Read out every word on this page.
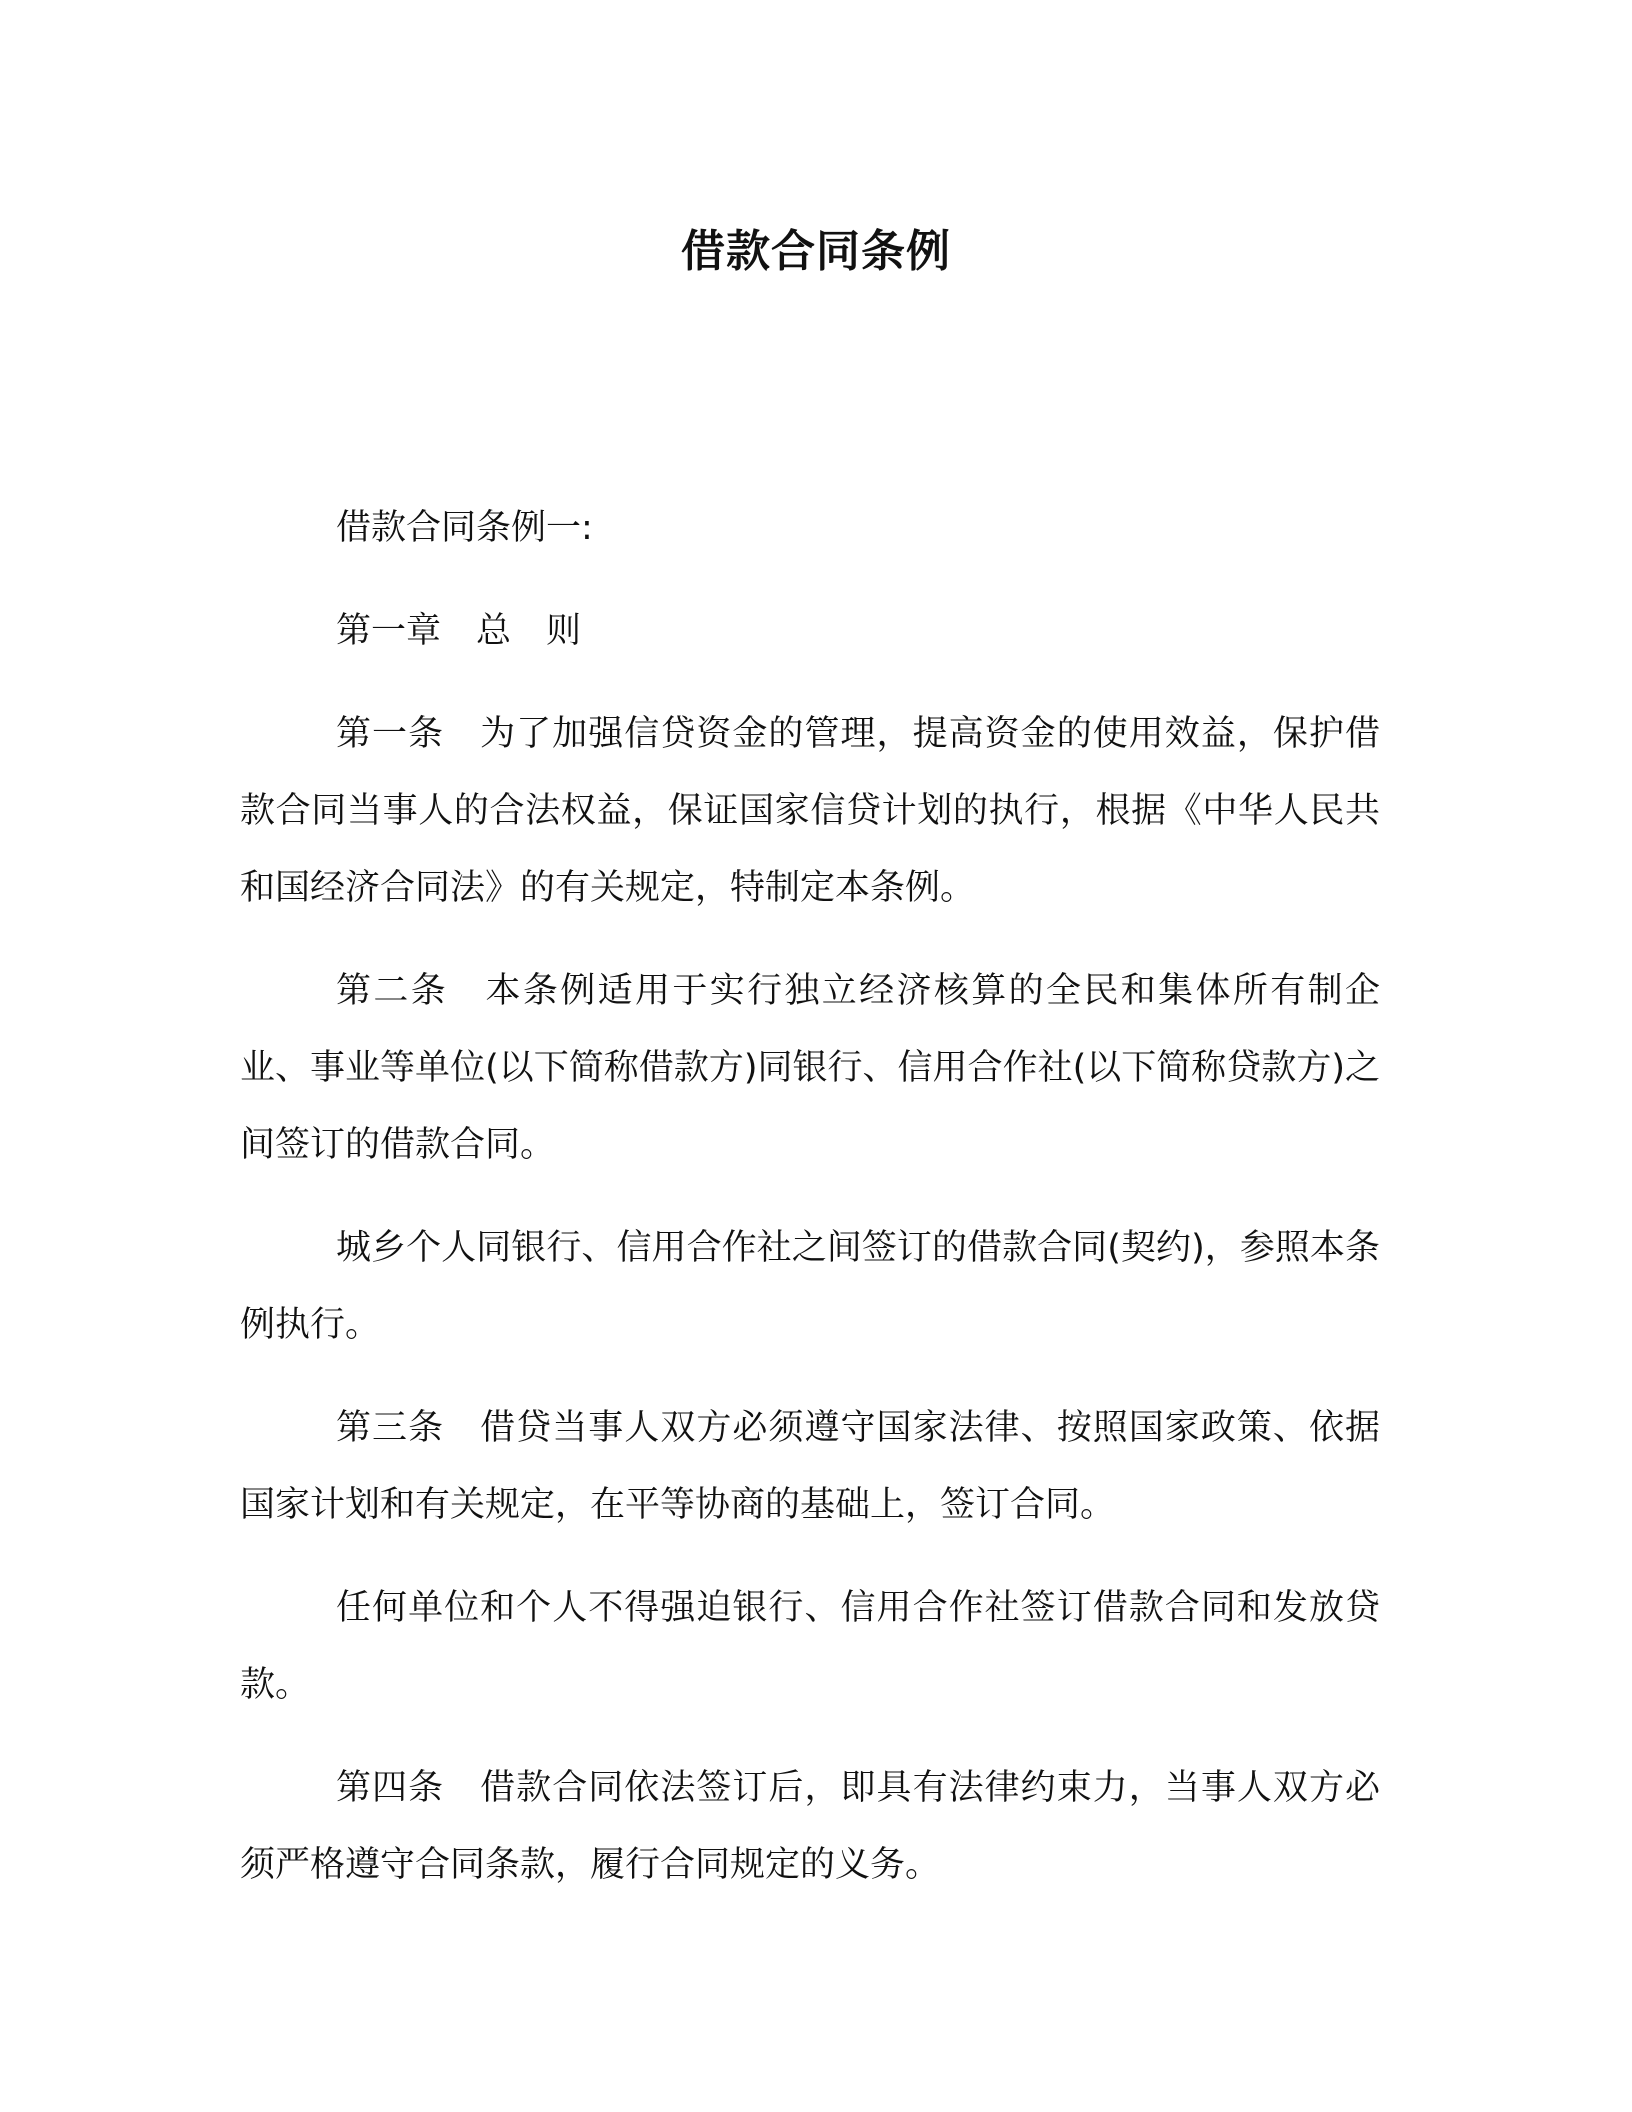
借款合同条例

借款合同条例一:

第一章　总　则

第一条　为了加强信贷资金的管理，提高资金的使用效益，保护借款合同当事人的合法权益，保证国家信贷计划的执行，根据《中华人民共和国经济合同法》的有关规定，特制定本条例。

第二条　本条例适用于实行独立经济核算的全民和集体所有制企业、事业等单位(以下简称借款方)同银行、信用合作社(以下简称贷款方)之间签订的借款合同。

城乡个人同银行、信用合作社之间签订的借款合同(契约)，参照本条例执行。

第三条　借贷当事人双方必须遵守国家法律、按照国家政策、依据国家计划和有关规定，在平等协商的基础上，签订合同。

任何单位和个人不得强迫银行、信用合作社签订借款合同和发放贷款。

第四条　借款合同依法签订后，即具有法律约束力，当事人双方必须严格遵守合同条款，履行合同规定的义务。
